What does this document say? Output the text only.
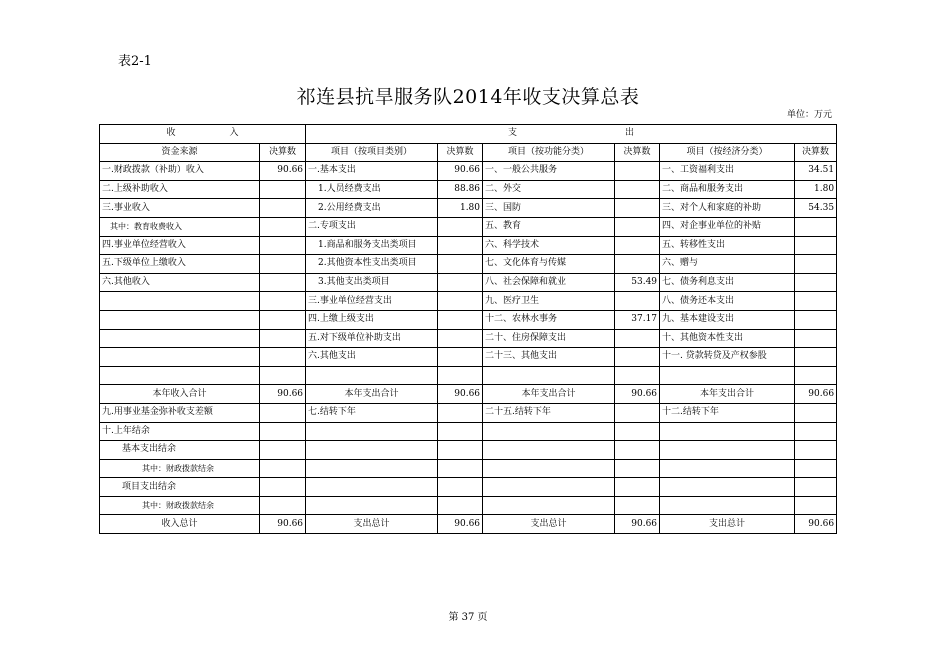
表2-1
祁连县抗旱服务队2014年收支决算总表
单位：万元
收　　　　　　入		支　　　　　　　　　　　　出					
资金来源	决算数	项目（按项目类别）	决算数	项目（按功能分类）	决算数	项目（按经济分类）	决算数
一.财政拨款（补助）收入	90.66	一.基本支出	90.66	一、一般公共服务		一、工资福利支出	34.51
二.上级补助收入		1.人员经费支出	88.86	二、外交		二、商品和服务支出	1.80
三.事业收入		2.公用经费支出	1.80	三、国防		三、对个人和家庭的补助	54.35
其中：教育收费收入		二.专项支出		五、教育		四、对企事业单位的补贴	
四.事业单位经营收入		1.商品和服务支出类项目		六、科学技术		五、转移性支出	
五.下级单位上缴收入		2.其他资本性支出类项目		七、文化体育与传媒		六、赠与	
六.其他收入		3.其他支出类项目		八、社会保障和就业	53.49	七、债务利息支出	
		三.事业单位经营支出		九、医疗卫生		八、债务还本支出	
		四.上缴上级支出		十二、农林水事务	37.17	九、基本建设支出	
		五.对下级单位补助支出		二十、住房保障支出		十、其他资本性支出	
		六.其他支出		二十三、其他支出		十一. 贷款转贷及产权参股	

本年收入合计	90.66	本年支出合计	90.66	本年支出合计	90.66	本年支出合计	90.66
九.用事业基金弥补收支差额		七.结转下年		二十五.结转下年		十二.结转下年	
十.上年结余							
基本支出结余							
其中：财政拨款结余							
项目支出结余							
其中：财政拨款结余							
收入总计	90.66	支出总计	90.66	支出总计	90.66	支出总计	90.66
第 37 页
